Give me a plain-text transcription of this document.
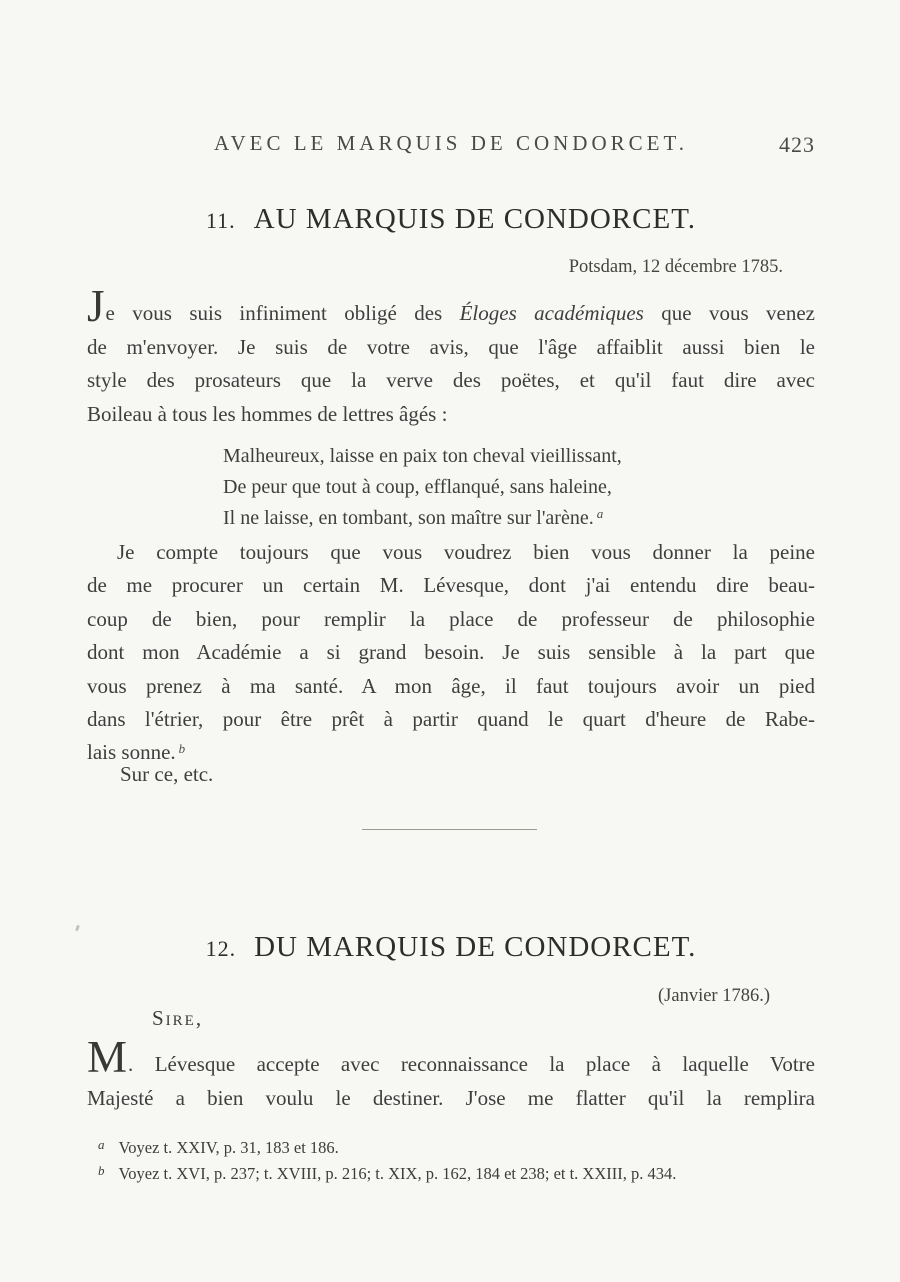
AVEC LE MARQUIS DE CONDORCET.	423
11. AU MARQUIS DE CONDORCET.
Potsdam, 12 décembre 1785.
Je vous suis infiniment obligé des Éloges académiques que vous venez
de m'envoyer. Je suis de votre avis, que l'âge affaiblit aussi bien le
style des prosateurs que la verve des poëtes, et qu'il faut dire avec
Boileau à tous les hommes de lettres âgés :
Malheureux, laisse en paix ton cheval vieillissant,
De peur que tout à coup, efflanqué, sans haleine,
Il ne laisse, en tombant, son maître sur l'arène. $^a$
Je compte toujours que vous voudrez bien vous donner la peine
de me procurer un certain M. Lévesque, dont j'ai entendu dire beau-
coup de bien, pour remplir la place de professeur de philosophie
dont mon Académie a si grand besoin. Je suis sensible à la part que
vous prenez à ma santé. A mon âge, il faut toujours avoir un pied
dans l'étrier, pour être prêt à partir quand le quart d'heure de Rabe-
lais sonne. $^b$
Sur ce, etc.
12. DU MARQUIS DE CONDORCET.
(Janvier 1786.)
Sire,
M. Lévesque accepte avec reconnaissance la place à laquelle Votre
Majesté a bien voulu le destiner. J'ose me flatter qu'il la remplira
$^a$ Voyez t. XXIV, p. 31, 183 et 186.
$^b$ Voyez t. XVI, p. 237; t. XVIII, p. 216; t. XIX, p. 162, 184 et 238; et t. XXIII, p. 434.
